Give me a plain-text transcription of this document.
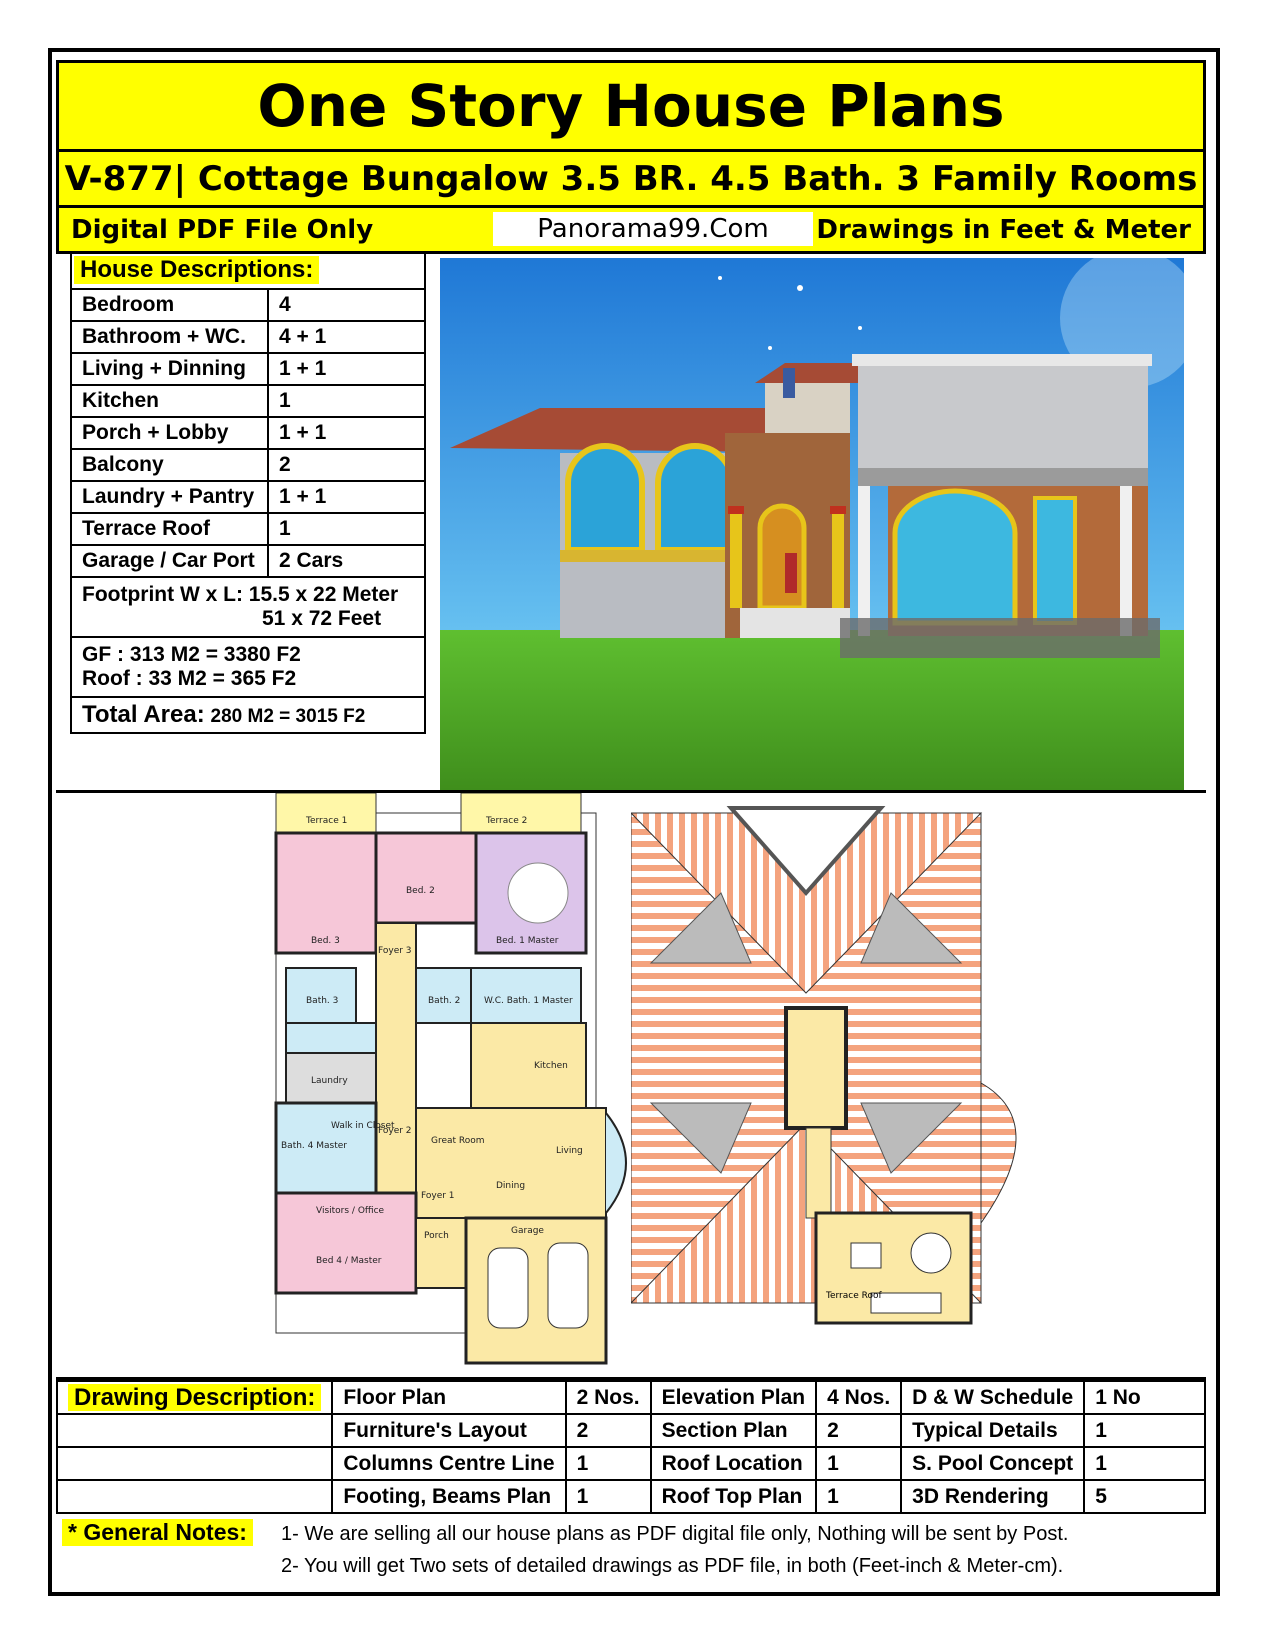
One Story House Plans
V-877| Cottage Bungalow 3.5 BR. 4.5 Bath. 3 Family Rooms
Digital PDF File Only	Panorama99.Com	Drawings in Feet & Meter

Bedroom	4
Bathroom + WC.	4 + 1
Living + Dinning	1 + 1
Kitchen	1
Porch + Lobby	1 + 1
Balcony	2
Laundry + Pantry	1 + 1
Terrace Roof	1
Garage / Car Port	2 Cars

Footprint W x L: 15.5 x 22 Meter
51 x 72 Feet	

GF : 313 M2 = 3380 F2
Roof : 33 M2 = 365 F2	

Total Area: 280 M2 = 3015 F2	
House Descriptions:
Terrace 1	Terrace 2
Bed. 3
Bed. 2
Bed. 1 Master
Foyer 3
Bath. 3	Bath. 2	W.C. Bath. 1 Master
Kitchen
Laundry
Foyer 2
Great Room
Dining
Living
Foyer 1
Bath. 4 Master
Walk in Closet
Visitors / Office
Bed 4 / Master
Porch	Garage
Terrace Roof
Drawing Description:	Floor Plan	2 Nos.	Elevation Plan	4 Nos.	D & W Schedule	1 No
	Furniture's Layout	2	Section Plan	2	Typical Details	1
	Columns Centre Line	1	Roof Location	1	S. Pool Concept	1
	Footing, Beams Plan	1	Roof Top Plan	1	3D Rendering	5
* General Notes:	1- We are selling all our house plans as PDF digital file only, Nothing will be sent by Post.
2- You will get Two sets of detailed drawings as PDF file, in both (Feet-inch & Meter-cm).
